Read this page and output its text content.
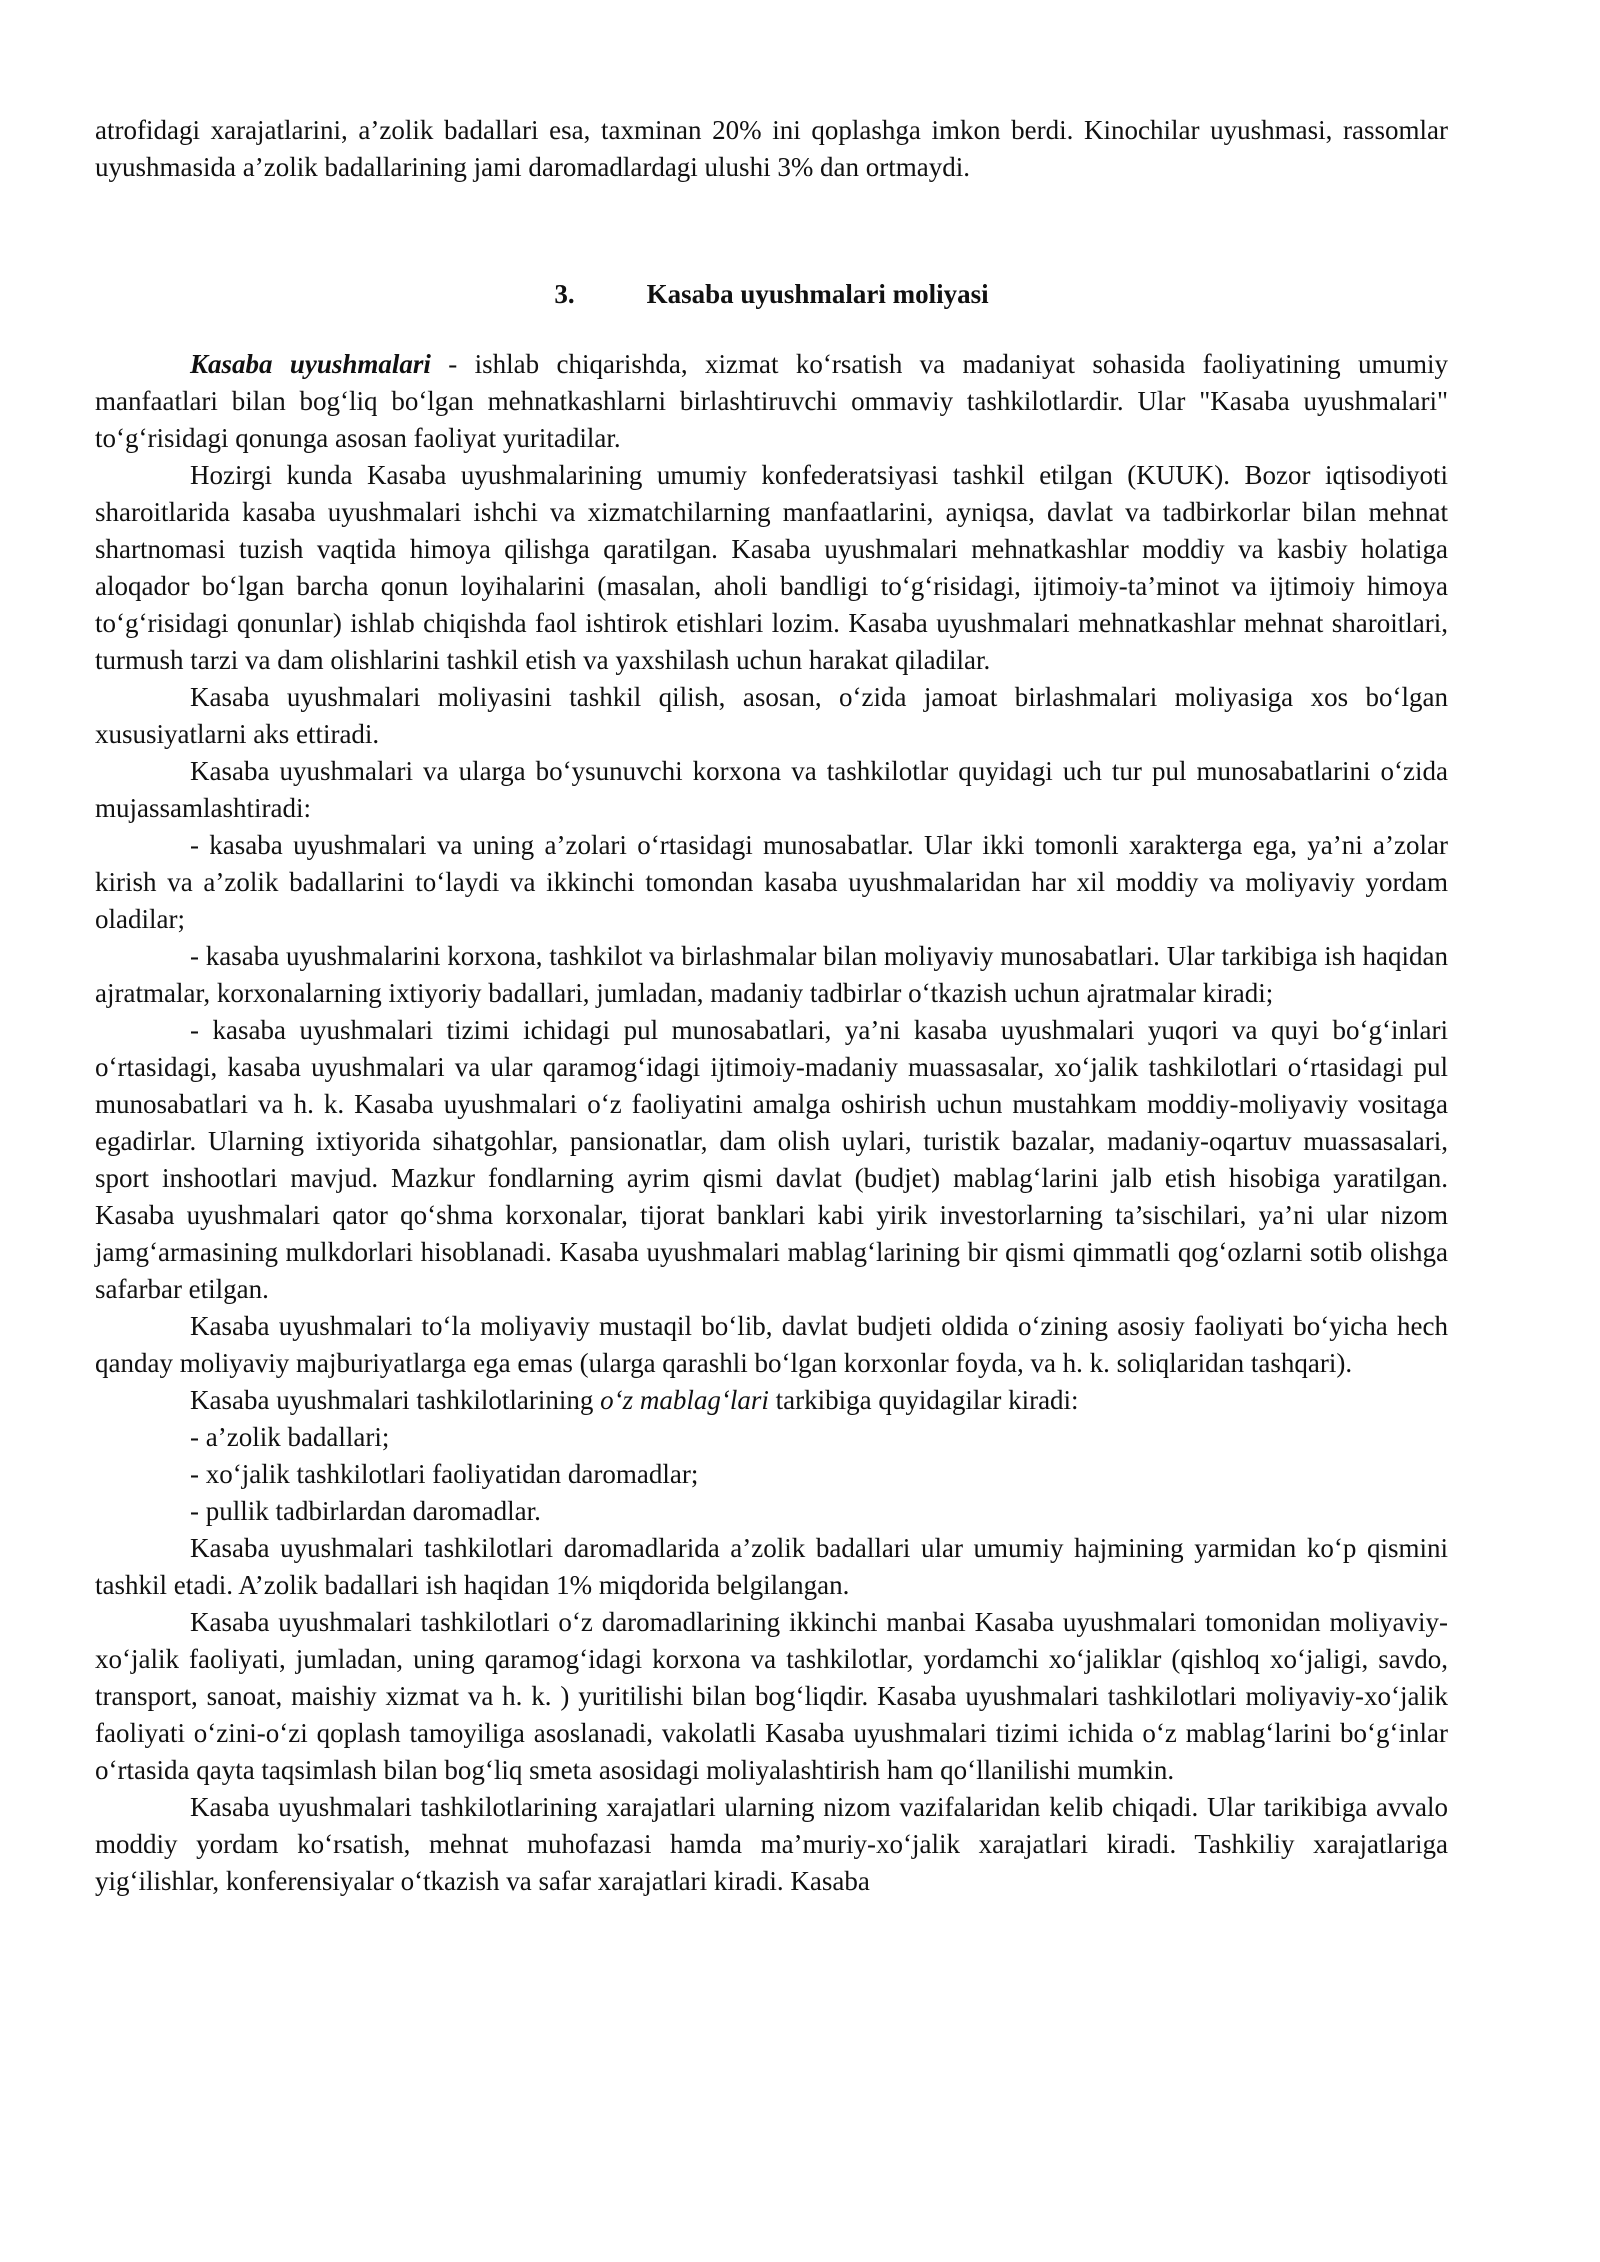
atrofidagi xarajatlarini, a’zolik badallari esa, taxminan 20% ini qoplashga imkon berdi. Kinochilar uyushmasi, rassomlar uyushmasida a’zolik badallarining jami daromadlardagi ulushi 3% dan ortmaydi.

3.	Kasaba uyushmalari moliyasi

Kasaba uyushmalari - ishlab chiqarishda, xizmat ko‘rsatish va madaniyat sohasida faoliyatining umumiy manfaatlari bilan bog‘liq bo‘lgan mehnatkashlarni birlashtiruvchi ommaviy tashkilotlardir. Ular "Kasaba uyushmalari" to‘g‘risidagi qonunga asosan faoliyat yuritadilar.

Hozirgi kunda Kasaba uyushmalarining umumiy konfederatsiyasi tashkil etilgan (KUUK). Bozor iqtisodiyoti sharoitlarida kasaba uyushmalari ishchi va xizmatchilarning manfaatlarini, ayniqsa, davlat va tadbirkorlar bilan mehnat shartnomasi tuzish vaqtida himoya qilishga qaratilgan. Kasaba uyushmalari mehnatkashlar moddiy va kasbiy holatiga aloqador bo‘lgan barcha qonun loyihalarini (masalan, aholi bandligi to‘g‘risidagi, ijtimoiy-ta’minot va ijtimoiy himoya to‘g‘risidagi qonunlar) ishlab chiqishda faol ishtirok etishlari lozim. Kasaba uyushmalari mehnatkashlar mehnat sharoitlari, turmush tarzi va dam olishlarini tashkil etish va yaxshilash uchun harakat qiladilar.

Kasaba uyushmalari moliyasini tashkil qilish, asosan, o‘zida jamoat birlashmalari moliyasiga xos bo‘lgan xususiyatlarni aks ettiradi.

Kasaba uyushmalari va ularga bo‘ysunuvchi korxona va tashkilotlar quyidagi uch tur pul munosabatlarini o‘zida mujassamlashtiradi:

- kasaba uyushmalari va uning a’zolari o‘rtasidagi munosabatlar. Ular ikki tomonli xarakterga ega, ya’ni a’zolar kirish va a’zolik badallarini to‘laydi va ikkinchi tomondan kasaba uyushmalaridan har xil moddiy va moliyaviy yordam oladilar;

- kasaba uyushmalarini korxona, tashkilot va birlashmalar bilan moliyaviy munosabatlari. Ular tarkibiga ish haqidan ajratmalar, korxonalarning ixtiyoriy badallari, jumladan, madaniy tadbirlar o‘tkazish uchun ajratmalar kiradi;

- kasaba uyushmalari tizimi ichidagi pul munosabatlari, ya’ni kasaba uyushmalari yuqori va quyi bo‘g‘inlari o‘rtasidagi, kasaba uyushmalari va ular qaramog‘idagi ijtimoiy-madaniy muassasalar, xo‘jalik tashkilotlari o‘rtasidagi pul munosabatlari va h. k. Kasaba uyushmalari o‘z faoliyatini amalga oshirish uchun mustahkam moddiy-moliyaviy vositaga egadirlar. Ularning ixtiyorida sihatgohlar, pansionatlar, dam olish uylari, turistik bazalar, madaniy-oqartuv muassasalari, sport inshootlari mavjud. Mazkur fondlarning ayrim qismi davlat (budjet) mablag‘larini jalb etish hisobiga yaratilgan. Kasaba uyushmalari qator qo‘shma korxonalar, tijorat banklari kabi yirik investorlarning ta’sischilari, ya’ni ular nizom jamg‘armasining mulkdorlari hisoblanadi. Kasaba uyushmalari mablag‘larining bir qismi qimmatli qog‘ozlarni sotib olishga safarbar etilgan.

Kasaba uyushmalari to‘la moliyaviy mustaqil bo‘lib, davlat budjeti oldida o‘zining asosiy faoliyati bo‘yicha hech qanday moliyaviy majburiyatlarga ega emas (ularga qarashli bo‘lgan korxonlar foyda, va h. k. soliqlaridan tashqari).

Kasaba uyushmalari tashkilotlarining o‘z mablag‘lari tarkibiga quyidagilar kiradi:

- a’zolik badallari;

- xo‘jalik tashkilotlari faoliyatidan daromadlar;

- pullik tadbirlardan daromadlar.

Kasaba uyushmalari tashkilotlari daromadlarida a’zolik badallari ular umumiy hajmining yarmidan ko‘p qismini tashkil etadi. A’zolik badallari ish haqidan 1% miqdorida belgilangan.

Kasaba uyushmalari tashkilotlari o‘z daromadlarining ikkinchi manbai Kasaba uyushmalari tomonidan moliyaviy-xo‘jalik faoliyati, jumladan, uning qaramog‘idagi korxona va tashkilotlar, yordamchi xo‘jaliklar (qishloq xo‘jaligi, savdo, transport, sanoat, maishiy xizmat va h. k. ) yuritilishi bilan bog‘liqdir. Kasaba uyushmalari tashkilotlari moliyaviy-xo‘jalik faoliyati o‘zini-o‘zi qoplash tamoyiliga asoslanadi, vakolatli Kasaba uyushmalari tizimi ichida o‘z mablag‘larini bo‘g‘inlar o‘rtasida qayta taqsimlash bilan bog‘liq smeta asosidagi moliyalashtirish ham qo‘llanilishi mumkin.

Kasaba uyushmalari tashkilotlarining xarajatlari ularning nizom vazifalaridan kelib chiqadi. Ular tarikibiga avvalo moddiy yordam ko‘rsatish, mehnat muhofazasi hamda ma’muriy-xo‘jalik xarajatlari kiradi. Tashkiliy xarajatlariga yig‘ilishlar, konferensiyalar o‘tkazish va safar xarajatlari kiradi. Kasaba
